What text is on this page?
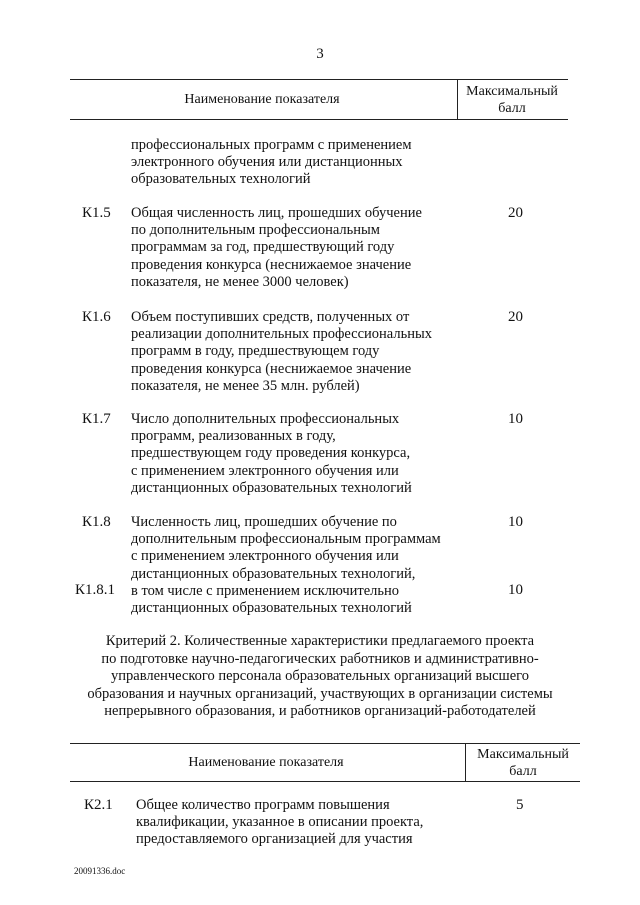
3
Наименование показателя
Максимальный
балл
профессиональных программ с применением
электронного обучения или дистанционных
образовательных технологий
К1.5 Общая численность лиц, прошедших обучение
по дополнительным профессиональным
программам за год, предшествующий году
проведения конкурса (неснижаемое значение
показателя, не менее 3000 человек)
20
К1.6 Объем поступивших средств, полученных от
реализации дополнительных профессиональных
программ в году, предшествующем году
проведения конкурса (неснижаемое значение
показателя, не менее 35 млн. рублей)
20
К1.7 Число дополнительных профессиональных
программ, реализованных в году,
предшествующем году проведения конкурса,
с применением электронного обучения или
дистанционных образовательных технологий
10
К1.8 Численность лиц, прошедших обучение по
дополнительным профессиональным программам
с применением электронного обучения или
дистанционных образовательных технологий,
10
К1.8.1 в том числе с применением исключительно
дистанционных образовательных технологий
10
Критерий 2. Количественные характеристики предлагаемого проекта
по подготовке научно-педагогических работников и административно-
управленческого персонала образовательных организаций высшего
образования и научных организаций, участвующих в организации системы
непрерывного образования, и работников организаций-работодателей
Наименование показателя
Максимальный
балл
К2.1 Общее количество программ повышения
квалификации, указанное в описании проекта,
предоставляемого организацией для участия
5
20091336.doc
